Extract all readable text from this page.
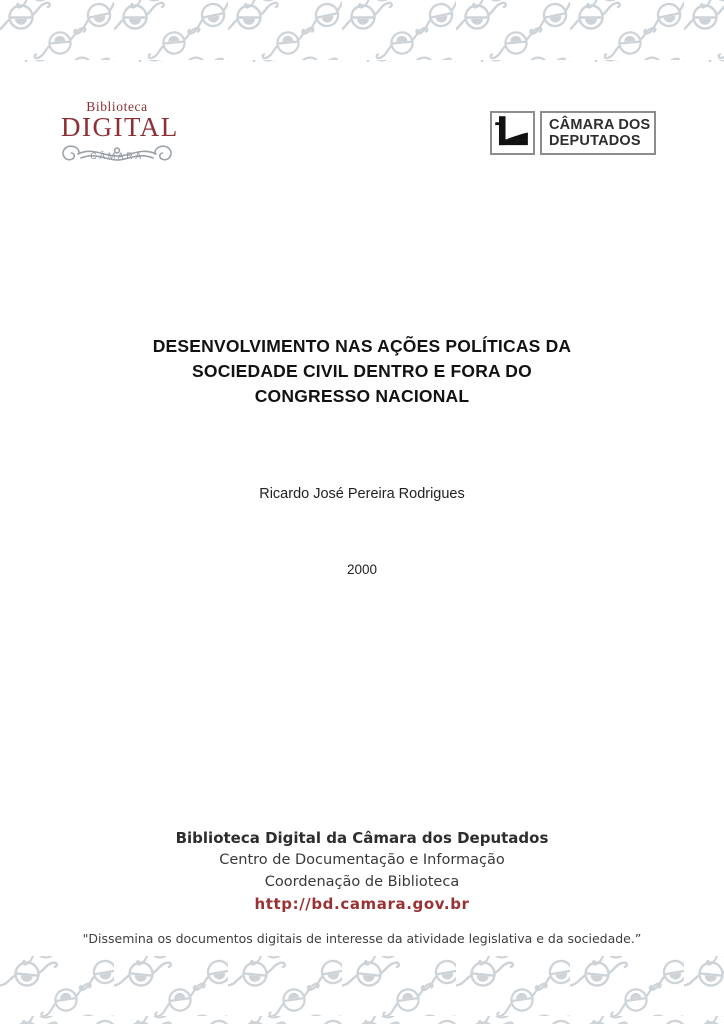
Biblioteca
DIGITAL
CÂMARA
CÂMARA DOS
DEPUTADOS
DESENVOLVIMENTO NAS AÇÕES POLÍTICAS DA
SOCIEDADE CIVIL DENTRO E FORA DO
CONGRESSO NACIONAL
Ricardo José Pereira Rodrigues
2000
Biblioteca Digital da Câmara dos Deputados
Centro de Documentação e Informação
Coordenação de Biblioteca
http://bd.camara.gov.br
"Dissemina os documentos digitais de interesse da atividade legislativa e da sociedade.”
